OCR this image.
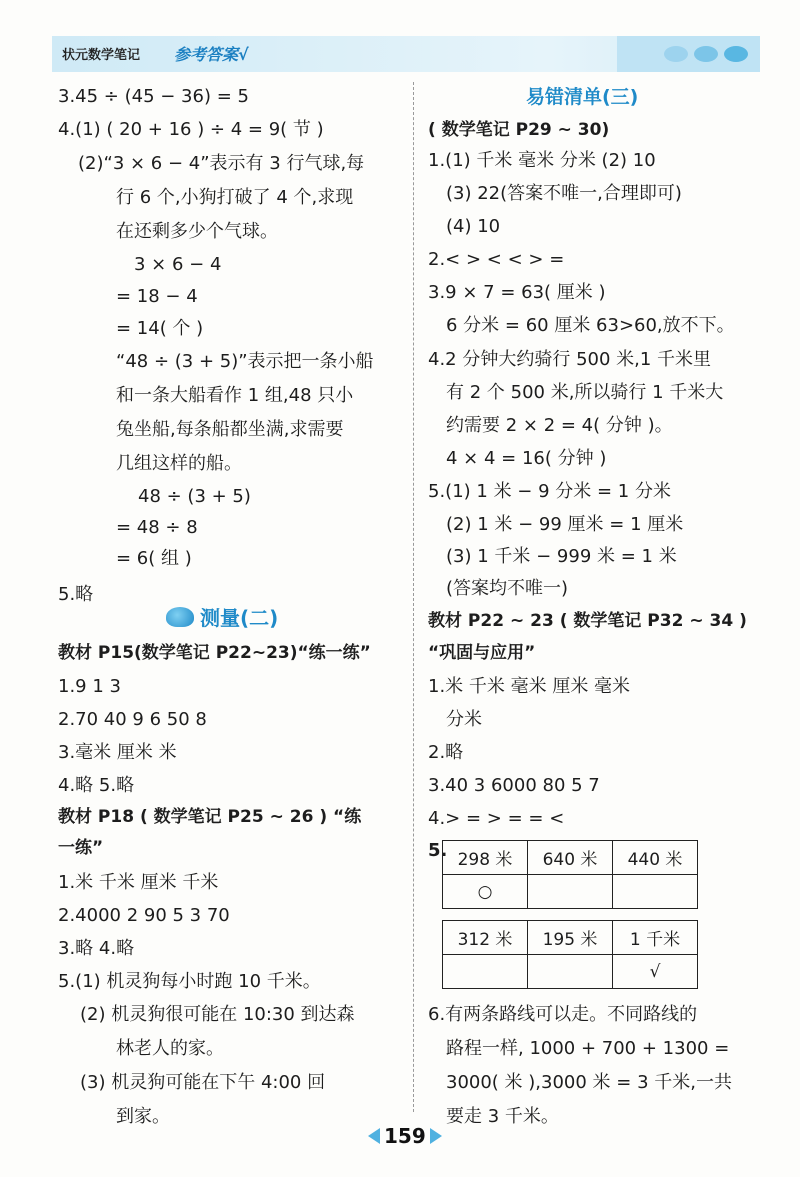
状元数学笔记 参考答案√
3.45 ÷ (45 − 36) = 5
4.(1) ( 20 + 16 ) ÷ 4 = 9( 节 )
(2)“3 × 6 − 4”表示有 3 行气球,每
行 6 个,小狗打破了 4 个,求现
在还剩多少个气球。
3 × 6 − 4
= 18 − 4
= 14( 个 )
“48 ÷ (3 + 5)”表示把一条小船
和一条大船看作 1 组,48 只小
兔坐船,每条船都坐满,求需要
几组这样的船。
48 ÷ (3 + 5)
= 48 ÷ 8
= 6( 组 )
5.略
测量(二)
教材 P15(数学笔记 P22~23)“练一练”
1.9 1 3
2.70 40 9 6 50 8
3.毫米 厘米 米
4.略 5.略
教材 P18 ( 数学笔记 P25 ~ 26 ) “练
一练”
1.米 千米 厘米 千米
2.4000 2 90 5 3 70
3.略 4.略
5.(1) 机灵狗每小时跑 10 千米。
(2) 机灵狗很可能在 10:30 到达森
林老人的家。
(3) 机灵狗可能在下午 4:00 回
到家。
易错清单(三)
( 数学笔记 P29 ~ 30)
1.(1) 千米 毫米 分米 (2) 10
(3) 22(答案不唯一,合理即可)
(4) 10
2.< > < < > =
3.9 × 7 = 63( 厘米 )
6 分米 = 60 厘米 63>60,放不下。
4.2 分钟大约骑行 500 米,1 千米里
有 2 个 500 米,所以骑行 1 千米大
约需要 2 × 2 = 4( 分钟 )。
4 × 4 = 16( 分钟 )
5.(1) 1 米 − 9 分米 = 1 分米
(2) 1 米 − 99 厘米 = 1 厘米
(3) 1 千米 − 999 米 = 1 米
(答案均不唯一)
教材 P22 ~ 23 ( 数学笔记 P32 ~ 34 )
“巩固与应用”
1.米 千米 毫米 厘米 毫米
分米
2.略
3.40 3 6000 80 5 7
4.> = > = = <
5. 298 米	640 米	440 米
○		
312 米	195 米	1 千米
		√
6.有两条路线可以走。不同路线的
路程一样, 1000 + 700 + 1300 =
3000( 米 ),3000 米 = 3 千米,一共
要走 3 千米。
159
